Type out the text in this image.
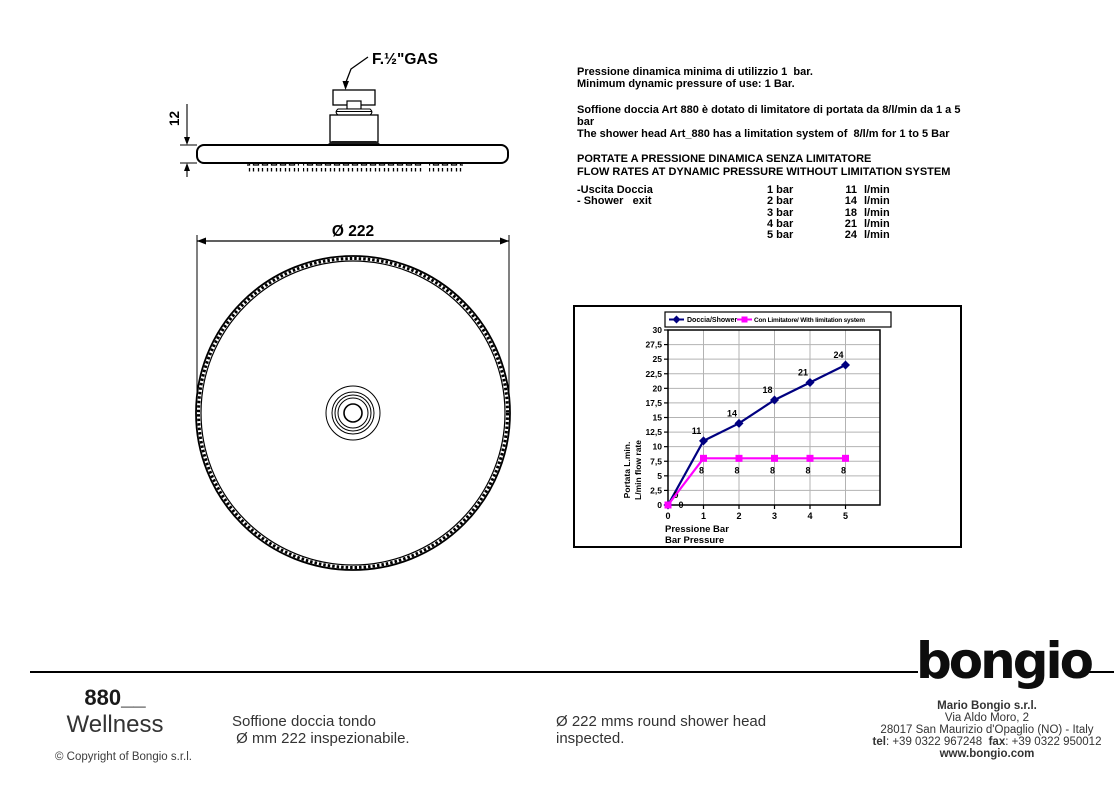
F.½"GAS
12
Ø 222
Pressione dinamica minima di utilizzio 1  bar.
Minimum dynamic pressure of use: 1 Bar.
Soffione doccia Art 880 è dotato di limitatore di portata da 8/l/min da 1 a 5 bar
The shower head Art_880 has a limitation system of  8/l/m for 1 to 5 Bar
PORTATE A PRESSIONE DINAMICA SENZA LIMITATORE
FLOW RATES AT DYNAMIC PRESSURE WITHOUT LIMITATION SYSTEM
-Uscita Doccia	1 bar	11 l/min
- Shower   exit	2 bar	14 l/min
3 bar	18 l/min
4 bar	21 l/min
5 bar	24 l/min
0
2,5
5
7,5
10
12,5
15
17,5
20
22,5
25
27,5
30
0	1	2	3	4	5
0
11
14
18
21
24
0
8	8	8	8	8
Doccia/Shower	Con Limitatore/ With limitation system
Portata L.min. L/min flow rate
Pressione Bar
Bar Pressure
880__
Wellness
© Copyright of Bongio s.r.l.
Soffione doccia tondo
Ø mm 222 inspezionabile.
Ø 222 mms round shower head
inspected.
bongio
Mario Bongio s.r.l.
Via Aldo Moro, 2
28017 San Maurizio d'Opaglio (NO) - Italy
tel: +39 0322 967248  fax: +39 0322 950012
www.bongio.com
